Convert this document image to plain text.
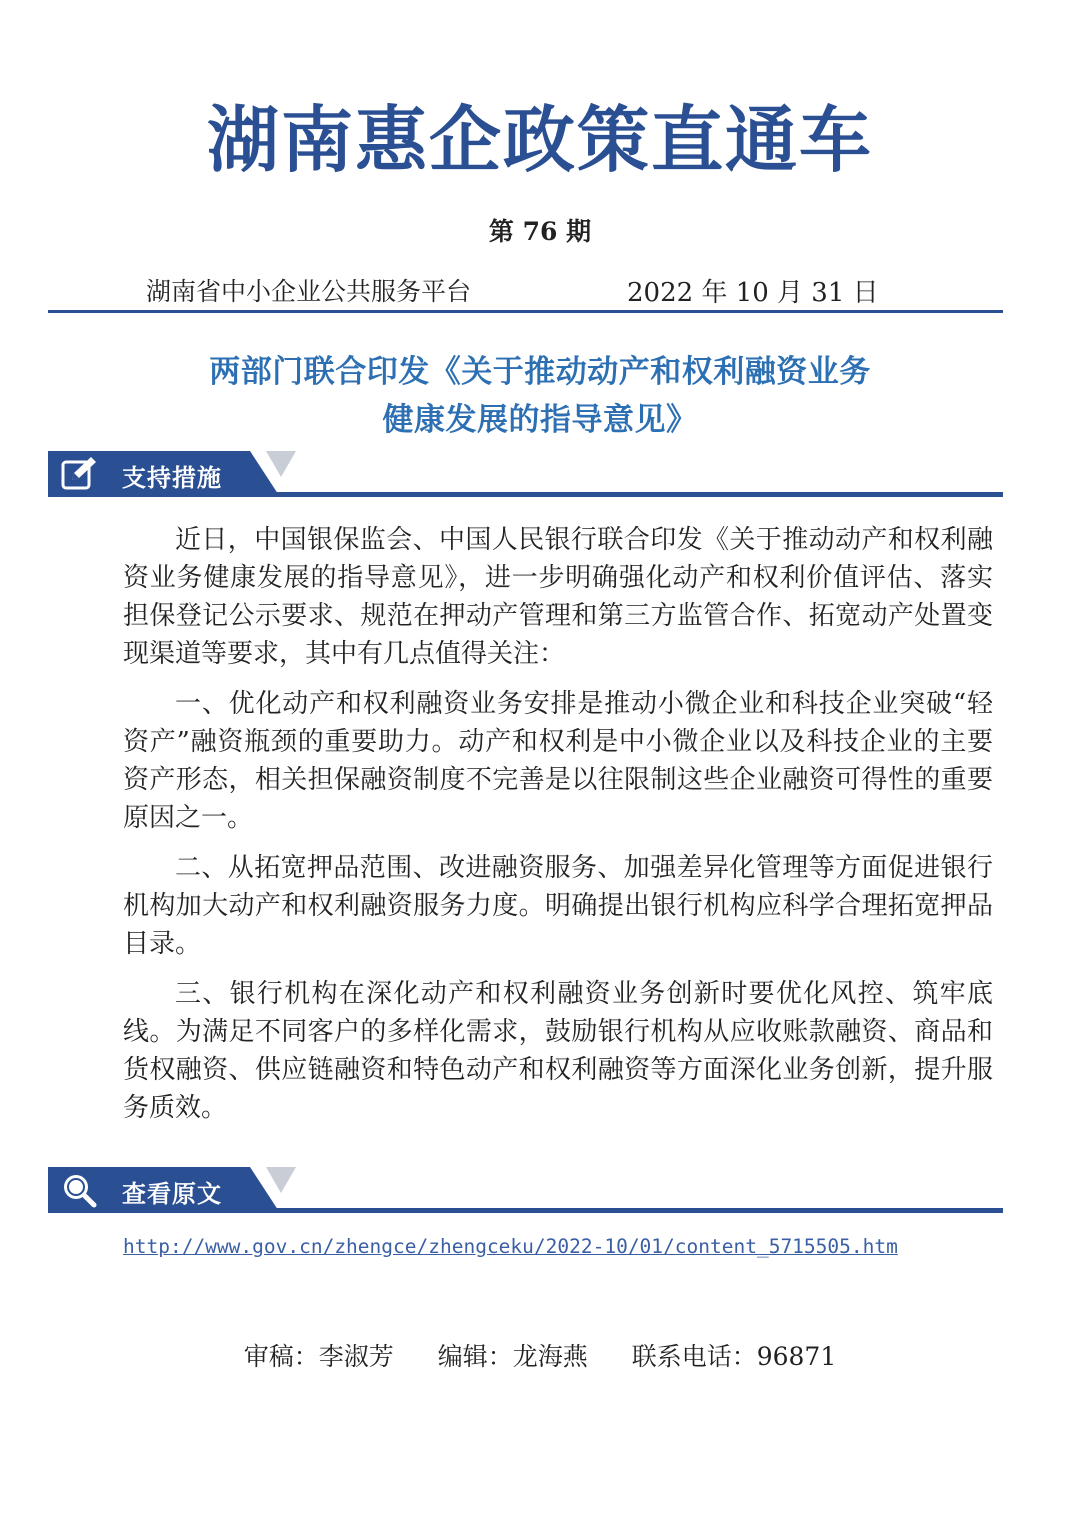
湖南惠企政策直通车
第 76 期
湖南省中小企业公共服务平台	2022 年 10 月 31 日
两部门联合印发《关于推动动产和权利融资业务
健康发展的指导意见》
支持措施

近日，中国银保监会、中国人民银行联合印发《关于推动动产和权利融资业务健康发展的指导意见》，进一步明确强化动产和权利价值评估、落实担保登记公示要求、规范在押动产管理和第三方监管合作、拓宽动产处置变现渠道等要求，其中有几点值得关注：

一、优化动产和权利融资业务安排是推动小微企业和科技企业突破“轻资产”融资瓶颈的重要助力。动产和权利是中小微企业以及科技企业的主要资产形态，相关担保融资制度不完善是以往限制这些企业融资可得性的重要原因之一。

二、从拓宽押品范围、改进融资服务、加强差异化管理等方面促进银行机构加大动产和权利融资服务力度。明确提出银行机构应科学合理拓宽押品目录。

三、银行机构在深化动产和权利融资业务创新时要优化风控、筑牢底线。为满足不同客户的多样化需求，鼓励银行机构从应收账款融资、商品和货权融资、供应链融资和特色动产和权利融资等方面深化业务创新，提升服务质效。

查看原文
http://www.gov.cn/zhengce/zhengceku/2022-10/01/content_5715505.htm
审稿：李淑芳 编辑：龙海燕 联系电话：96871
